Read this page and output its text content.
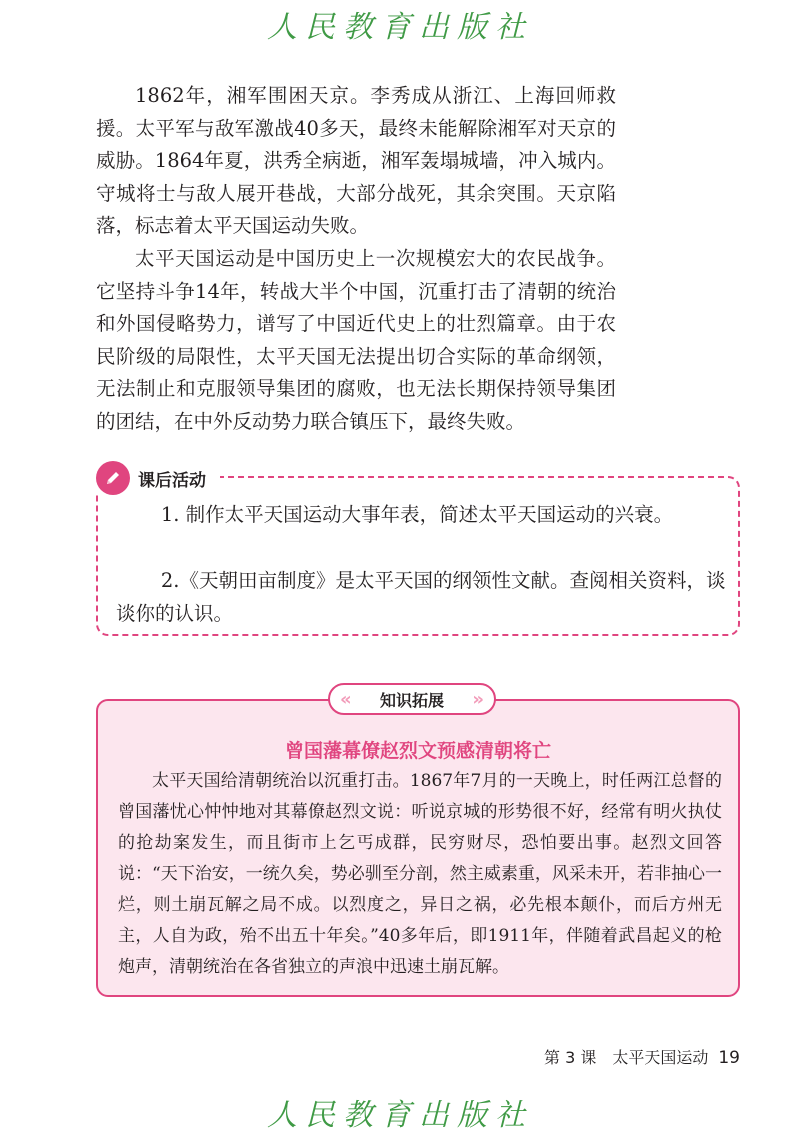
人民教育出版社

1862年，湘军围困天京。李秀成从浙江、上海回师救援。太平军与敌军激战40多天，最终未能解除湘军对天京的威胁。1864年夏，洪秀全病逝，湘军轰塌城墙，冲入城内。守城将士与敌人展开巷战，大部分战死，其余突围。天京陷落，标志着太平天国运动失败。

太平天国运动是中国历史上一次规模宏大的农民战争。它坚持斗争14年，转战大半个中国，沉重打击了清朝的统治和外国侵略势力，谱写了中国近代史上的壮烈篇章。由于农民阶级的局限性，太平天国无法提出切合实际的革命纲领，无法制止和克服领导集团的腐败，也无法长期保持领导集团的团结，在中外反动势力联合镇压下，最终失败。

1. 制作太平天国运动大事年表，简述太平天国运动的兴衰。

2.《天朝田亩制度》是太平天国的纲领性文献。查阅相关资料，谈谈你的认识。

课后活动
« 知识拓展 »
曾国藩幕僚赵烈文预感清朝将亡

太平天国给清朝统治以沉重打击。1867年7月的一天晚上，时任两江总督的曾国藩忧心忡忡地对其幕僚赵烈文说：听说京城的形势很不好，经常有明火执仗的抢劫案发生，而且街市上乞丐成群，民穷财尽，恐怕要出事。赵烈文回答说：“天下治安，一统久矣，势必驯至分剖，然主威素重，风采未开，若非抽心一烂，则土崩瓦解之局不成。以烈度之，异日之祸，必先根本颠仆，而后方州无主，人自为政，殆不出五十年矣。”40多年后，即1911年，伴随着武昌起义的枪炮声，清朝统治在各省独立的声浪中迅速土崩瓦解。

第 3 课　太平天国运动 19
人民教育出版社
